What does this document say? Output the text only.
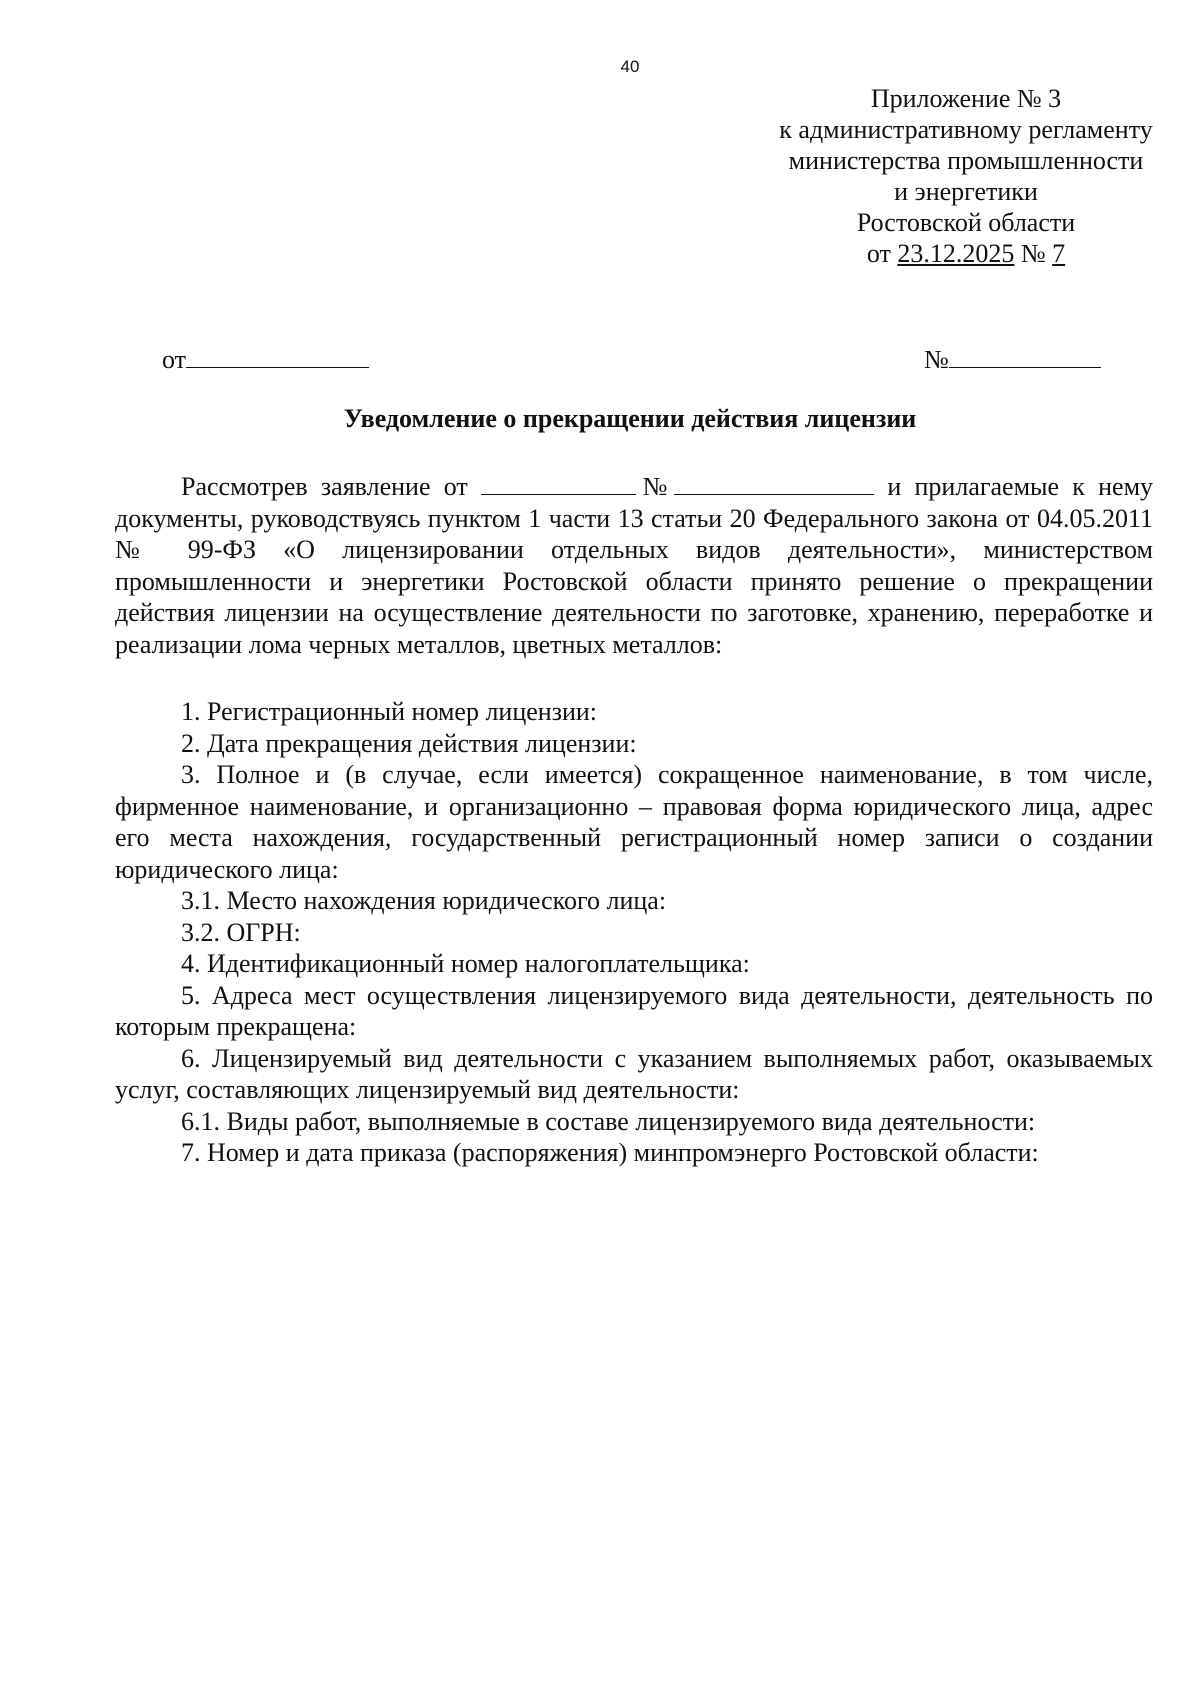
40
Приложение № 3
к административному регламенту
министерства промышленности
и энергетики
Ростовской области
от 23.12.2025 № 7
от	№
Уведомление о прекращении действия лицензии

Рассмотрев заявление от	№	и прилагаемые к нему документы, руководствуясь пунктом 1 части 13 статьи 20 Федерального закона от 04.05.2011 № 99-ФЗ «О лицензировании отдельных видов деятельности», министерством промышленности и энергетики Ростовской области принято решение о прекращении действия лицензии на осуществление деятельности по заготовке, хранению, переработке и реализации лома черных металлов, цветных металлов:

1. Регистрационный номер лицензии:

2. Дата прекращения действия лицензии:

3. Полное и (в случае, если имеется) сокращенное наименование, в том числе, фирменное наименование, и организационно – правовая форма юридического лица, адрес его места нахождения, государственный регистрационный номер записи о создании юридического лица:

3.1. Место нахождения юридического лица:

3.2. ОГРН:

4. Идентификационный номер налогоплательщика:

5. Адреса мест осуществления лицензируемого вида деятельности, деятельность по которым прекращена:

6. Лицензируемый вид деятельности с указанием выполняемых работ, оказываемых услуг, составляющих лицензируемый вид деятельности:

6.1. Виды работ, выполняемые в составе лицензируемого вида деятельности:

7. Номер и дата приказа (распоряжения) минпромэнерго Ростовской области:
